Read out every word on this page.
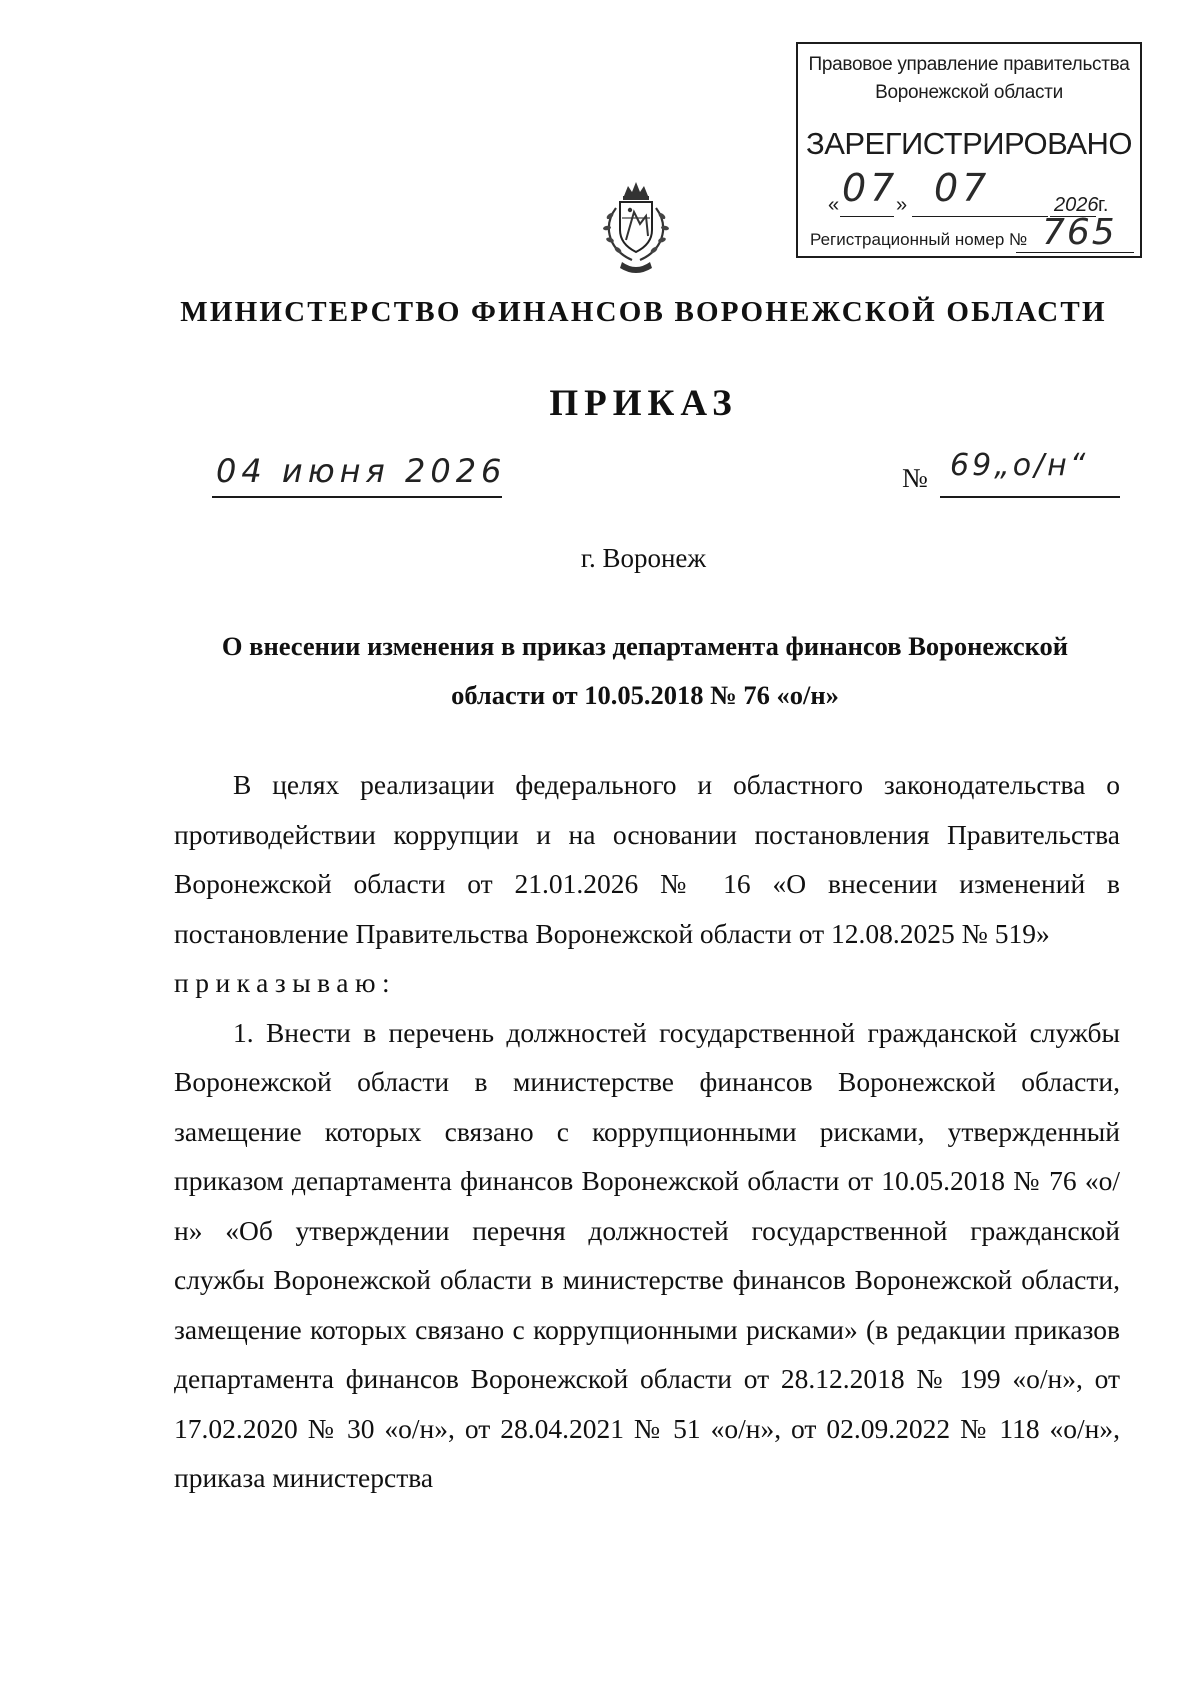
Правовое управление правительства
Воронежской области
ЗАРЕГИСТРИРОВАНО
« 07
» 07	2026 г.
Регистрационный номер № 765
МИНИСТЕРСТВО ФИНАНСОВ ВОРОНЕЖСКОЙ ОБЛАСТИ
ПРИКАЗ
04 июня 2026	№ 69„о/н“
г. Воронеж
О внесении изменения в приказ департамента финансов Воронежской области от 10.05.2018 № 76 «о/н»

В целях реализации федерального и областного законодательства о противодействии коррупции и на основании постановления Правительства Воронежской области от 21.01.2026 № 16 «О внесении изменений в постановление Правительства Воронежской области от 12.08.2025 № 519»

приказываю:

1. Внести в перечень должностей государственной гражданской службы Воронежской области в министерстве финансов Воронежской области, замещение которых связано с коррупционными рисками, утвержденный приказом департамента финансов Воронежской области от 10.05.2018 № 76 «о/н» «Об утверждении перечня должностей государственной гражданской службы Воронежской области в министерстве финансов Воронежской области, замещение которых связано с коррупционными рисками» (в редакции приказов департамента финансов Воронежской области от 28.12.2018 № 199 «о/н», от 17.02.2020 № 30 «о/н», от 28.04.2021 № 51 «о/н», от 02.09.2022 № 118 «о/н», приказа министерства
